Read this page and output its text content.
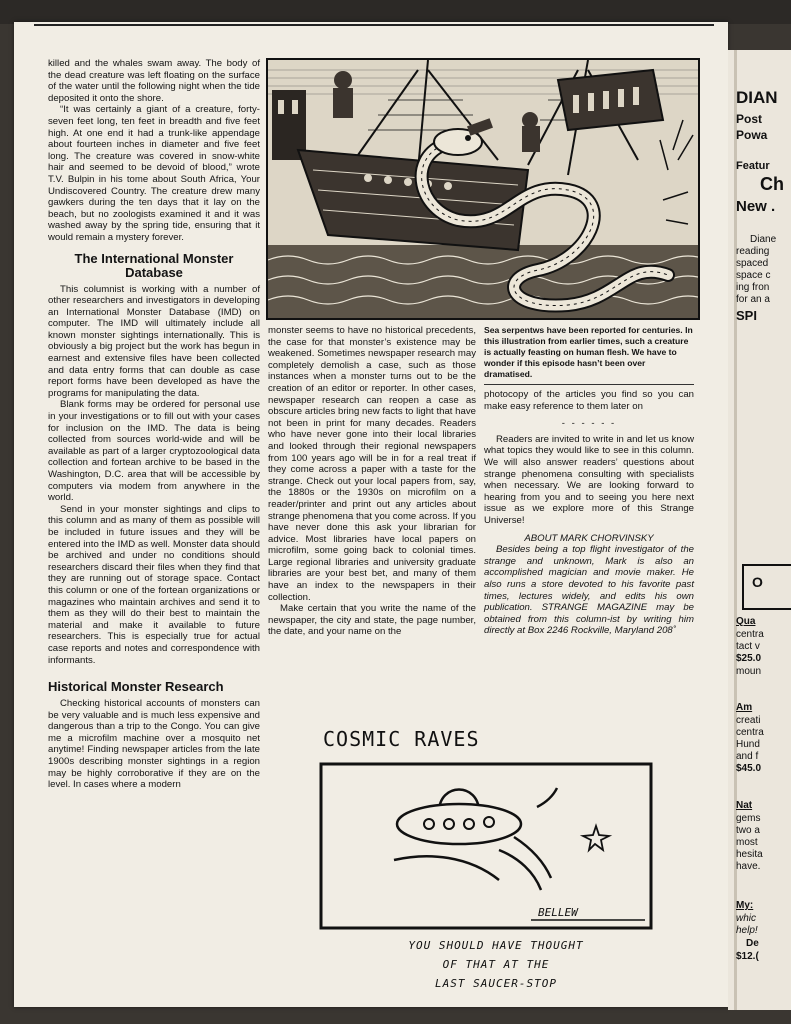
killed and the whales swam away. The body of the dead creature was left floating on the surface of the water until the following night when the tide deposited it onto the shore.

“It was certainly a giant of a creature, forty-seven feet long, ten feet in breadth and five feet high. At one end it had a trunk-like appendage about fourteen inches in diameter and five feet long. The creature was covered in snow-white hair and seemed to be devoid of blood,” wrote T.V. Bulpin in his tome about South Africa, Your Undiscovered Country. The creature drew many gawkers during the ten days that it lay on the beach, but no zoologists examined it and it was washed away by the spring tide, ensuring that it would remain a mystery forever.

The International Monster Database

This columnist is working with a number of other researchers and investigators in developing an International Monster Database (IMD) on computer. The IMD will ultimately include all known monster sightings internationally. This is obviously a big project but the work has begun in earnest and extensive files have been collected and data entry forms that can double as case report forms have been developed as have the programs for manipulating the data.

Blank forms may be ordered for personal use in your investigations or to fill out with your cases for inclusion on the IMD. The data is being collected from sources world-wide and will be available as part of a larger cryptozoological data collection and fortean archive to be based in the Washington, D.C. area that will be accessible by computers via modem from anywhere in the world.

Send in your monster sightings and clips to this column and as many of them as possible will be included in future issues and they will be entered into the IMD as well. Monster data should be archived and under no conditions should researchers discard their files when they find that they are running out of storage space. Contact this column or one of the fortean organizations or magazines who maintain archives and send it to them as they will do their best to maintain the material and make it available to future researchers. This is especially true for actual case reports and notes and correspondence with informants.

Historical Monster Research

Checking historical accounts of monsters can be very valuable and is much less expensive and dangerous than a trip to the Congo. You can give me a microfilm machine over a mosquito net anytime! Finding newspaper articles from the late 1900s describing monster sightings in a region may be highly corroborative if they are on the level. In cases where a modern

monster seems to have no historical precedents, the case for that monster’s existence may be weakened. Sometimes newspaper research may completely demolish a case, such as those instances when a monster turns out to be the creation of an editor or reporter. In other cases, newspaper research can reopen a case as obscure articles bring new facts to light that have not been in print for many decades. Readers who have never gone into their local libraries and looked through their regional newspapers from 100 years ago will be in for a real treat if they come across a paper with a taste for the strange. Check out your local papers from, say, the 1880s or the 1930s on microfilm on a reader/printer and print out any articles about strange phenomena that you come across. If you have never done this ask your librarian for advice. Most libraries have local papers on microfilm, some going back to colonial times. Large regional libraries and university graduate libraries are your best bet, and many of them have an index to the newspapers in their collection.

Make certain that you write the name of the newspaper, the city and state, the page number, the date, and your name on the

Sea serpentws have been reported for centuries. In this illustration from earlier times, such a creature is actually feasting on human flesh. We have to wonder if this episode hasn’t been over dramatised.

photocopy of the articles you find so you can make easy reference to them later on

- - - - - -

Readers are invited to write in and let us know what topics they would like to see in this column. We will also answer readers’ questions about strange phenomena consulting with specialists when necessary. We are looking forward to hearing from you and to seeing you here next issue as we explore more of this Strange Universe!

ABOUT MARK CHORVINSKY

Besides being a top flight investigator of the strange and unknown, Mark is also an accomplished magician and movie maker. He also runs a store devoted to his favorite past times, lectures widely, and edits his own publication. STRANGE MAGAZINE may be obtained from this column-ist by writing him directly at Box 2246 Rockville, Maryland 208˚

COSMIC RAVES
BELLEW
YOU SHOULD HAVE THOUGHT
OF THAT AT THE
LAST SAUCER-STOP
DIAN
Post
Powa
Featur
Ch
New .
Diane
reading
spaced
space c
ing fron
for an a
SPI
O
Qua
centra
tact v
$25.0
moun
Am
creati
centra
Hund
and f
$45.0
Nat
gems
two a
most
hesita
have.
My:
whic
help!
De
$12.(
